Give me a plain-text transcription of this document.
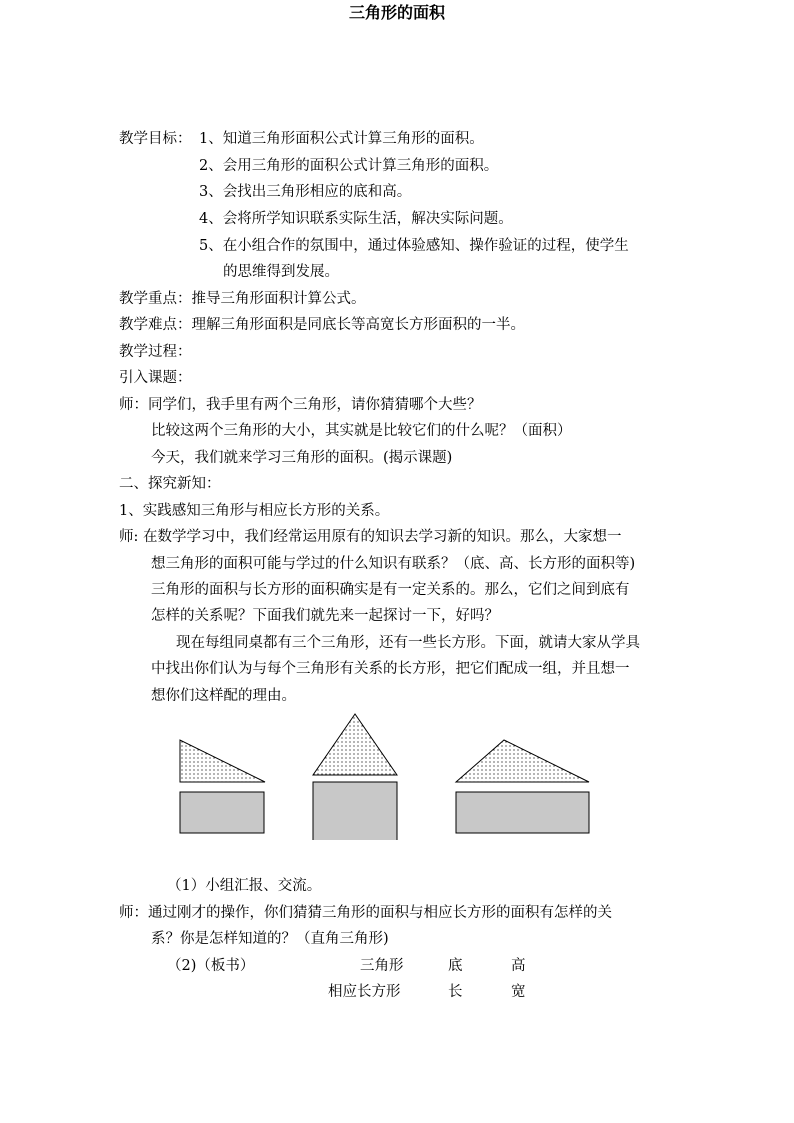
三角形的面积
教学目标： 1、知道三角形面积公式计算三角形的面积。
2、会用三角形的面积公式计算三角形的面积。
3、会找出三角形相应的底和高。
4、会将所学知识联系实际生活，解决实际问题。
5、在小组合作的氛围中，通过体验感知、操作验证的过程，使学生
的思维得到发展。
教学重点：推导三角形面积计算公式。
教学难点：理解三角形面积是同底长等高宽长方形面积的一半。
教学过程：
引入课题：
师：同学们，我手里有两个三角形，请你猜猜哪个大些？
比较这两个三角形的大小，其实就是比较它们的什么呢？（面积）
今天，我们就来学习三角形的面积。(揭示课题)
二、探究新知：
1、实践感知三角形与相应长方形的关系。
师: 在数学学习中，我们经常运用原有的知识去学习新的知识。那么，大家想一
想三角形的面积可能与学过的什么知识有联系？（底、高、长方形的面积等)
三角形的面积与长方形的面积确实是有一定关系的。那么，它们之间到底有
怎样的关系呢？下面我们就先来一起探讨一下，好吗？
现在每组同桌都有三个三角形，还有一些长方形。下面，就请大家从学具
中找出你们认为与每个三角形有关系的长方形，把它们配成一组，并且想一
想你们这样配的理由。
（1）小组汇报、交流。
师：通过刚才的操作，你们猜猜三角形的面积与相应长方形的面积有怎样的关
系？你是怎样知道的？（直角三角形)
（2)（板书）	三角形	底	高
相应长方形	长	宽
